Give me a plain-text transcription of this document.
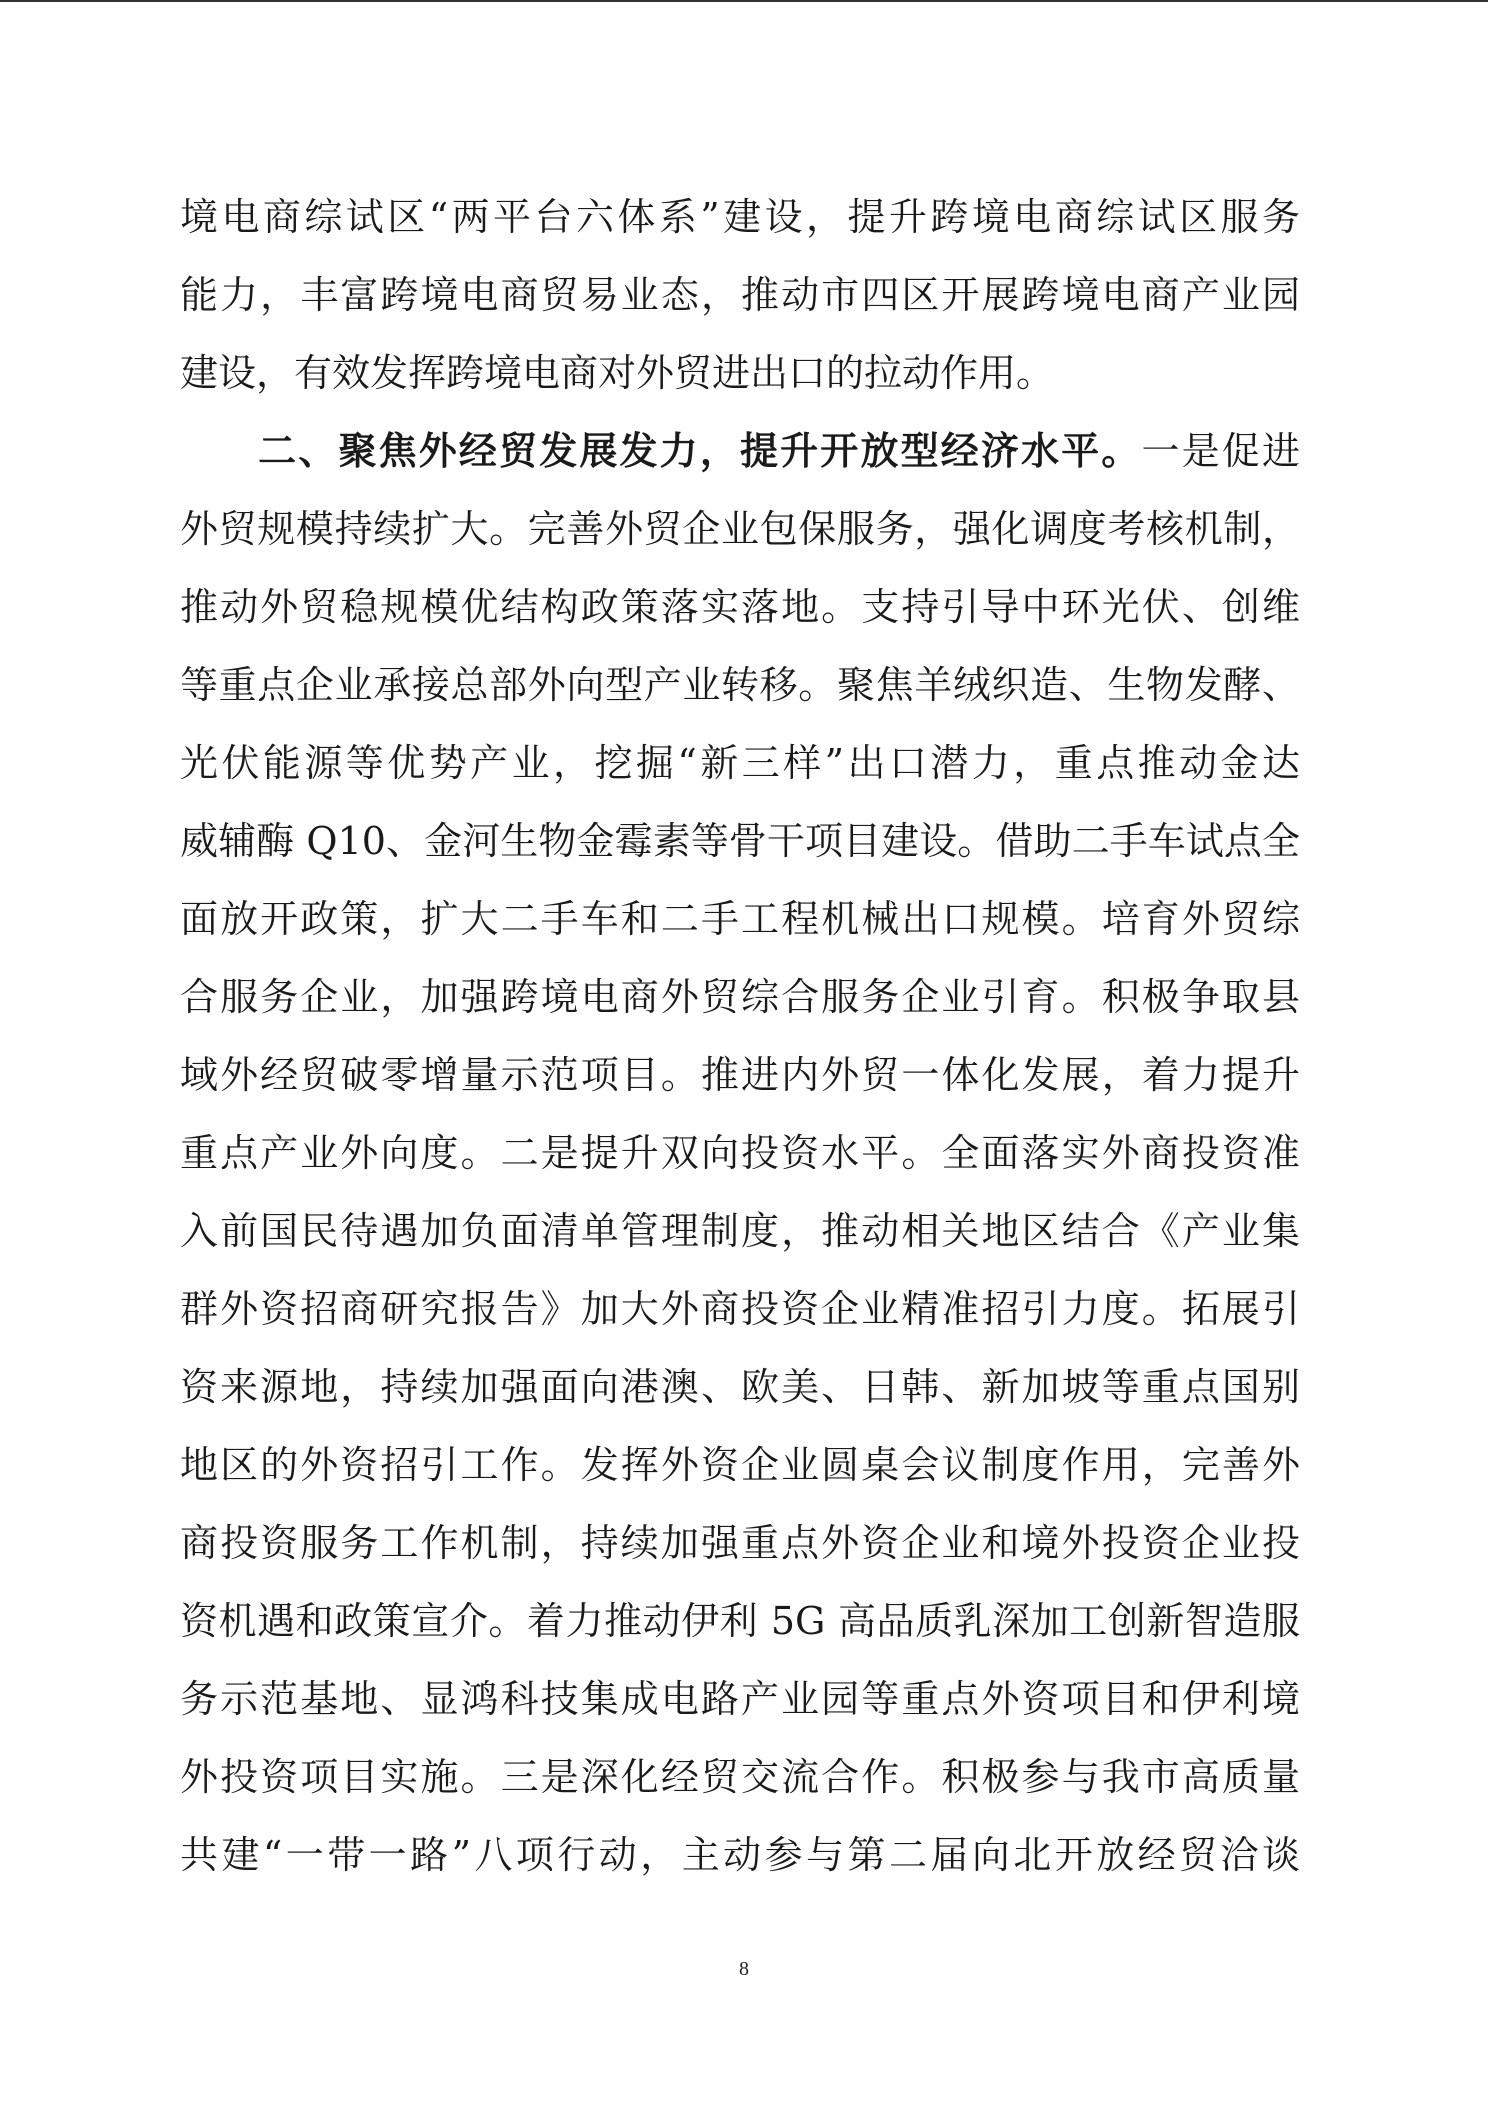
境电商综试区“两平台六体系”建设，提升跨境电商综试区服务
能力，丰富跨境电商贸易业态，推动市四区开展跨境电商产业园
建设，有效发挥跨境电商对外贸进出口的拉动作用。
二、聚焦外经贸发展发力，提升开放型经济水平。一是促进
外贸规模持续扩大。完善外贸企业包保服务，强化调度考核机制，
推动外贸稳规模优结构政策落实落地。支持引导中环光伏、创维
等重点企业承接总部外向型产业转移。聚焦羊绒织造、生物发酵、
光伏能源等优势产业，挖掘“新三样”出口潜力，重点推动金达
威辅酶 Q10、金河生物金霉素等骨干项目建设。借助二手车试点全
面放开政策，扩大二手车和二手工程机械出口规模。培育外贸综
合服务企业，加强跨境电商外贸综合服务企业引育。积极争取县
域外经贸破零增量示范项目。推进内外贸一体化发展，着力提升
重点产业外向度。二是提升双向投资水平。全面落实外商投资准
入前国民待遇加负面清单管理制度，推动相关地区结合《产业集
群外资招商研究报告》加大外商投资企业精准招引力度。拓展引
资来源地，持续加强面向港澳、欧美、日韩、新加坡等重点国别
地区的外资招引工作。发挥外资企业圆桌会议制度作用，完善外
商投资服务工作机制，持续加强重点外资企业和境外投资企业投
资机遇和政策宣介。着力推动伊利 5G 高品质乳深加工创新智造服
务示范基地、显鸿科技集成电路产业园等重点外资项目和伊利境
外投资项目实施。三是深化经贸交流合作。积极参与我市高质量
共建“一带一路”八项行动，主动参与第二届向北开放经贸洽谈
8
